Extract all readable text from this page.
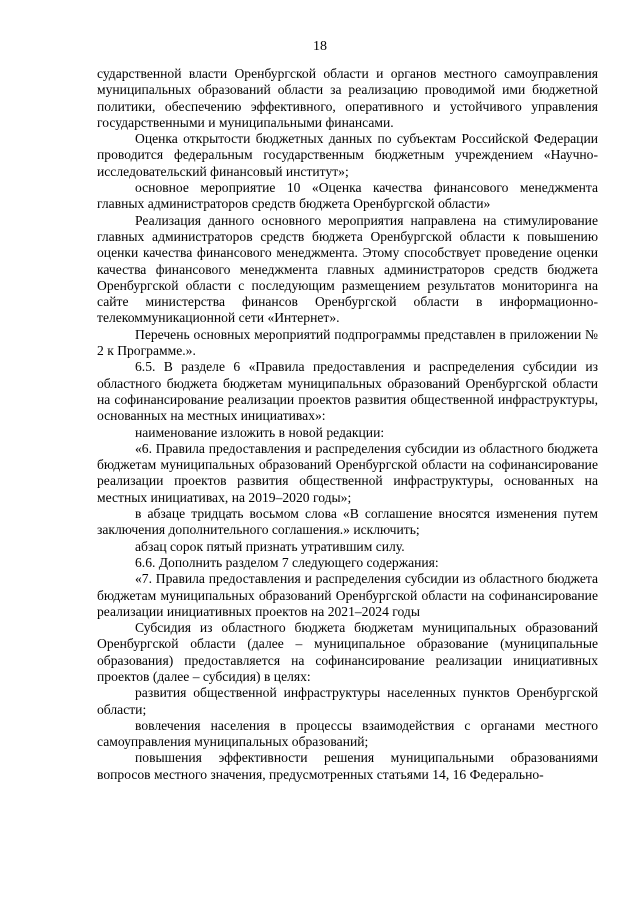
18

сударственной власти Оренбургской области и органов местного самоуправления муниципальных образований области за реализацию проводимой ими бюджетной политики, обеспечению эффективного, оперативного и устойчивого управления государственными и муниципальными финансами.

Оценка открытости бюджетных данных по субъектам Российской Федерации проводится федеральным государственным бюджетным учреждением «Научно-исследовательский финансовый институт»;

основное мероприятие 10 «Оценка качества финансового менеджмента главных администраторов средств бюджета Оренбургской области»

Реализация данного основного мероприятия направлена на стимулирование главных администраторов средств бюджета Оренбургской области к повышению оценки качества финансового менеджмента. Этому способствует проведение оценки качества финансового менеджмента главных администраторов средств бюджета Оренбургской области с последующим размещением результатов мониторинга на сайте министерства финансов Оренбургской области в информационно-телекоммуникационной сети «Интернет».

Перечень основных мероприятий подпрограммы представлен в приложении № 2 к Программе.».

6.5. В разделе 6 «Правила предоставления и распределения субсидии из областного бюджета бюджетам муниципальных образований Оренбургской области на софинансирование реализации проектов развития общественной инфраструктуры, основанных на местных инициативах»:

наименование изложить в новой редакции:

«6. Правила предоставления и распределения субсидии из областного бюджета бюджетам муниципальных образований Оренбургской области на софинансирование реализации проектов развития общественной инфраструктуры, основанных на местных инициативах, на 2019–2020 годы»;

в абзаце тридцать восьмом слова «В соглашение вносятся изменения путем заключения дополнительного соглашения.» исключить;

абзац сорок пятый признать утратившим силу.

6.6. Дополнить разделом 7 следующего содержания:

«7. Правила предоставления и распределения субсидии из областного бюджета бюджетам муниципальных образований Оренбургской области на софинансирование реализации инициативных проектов на 2021–2024 годы

Субсидия из областного бюджета бюджетам муниципальных образований Оренбургской области (далее – муниципальное образование (муниципальные образования) предоставляется на софинансирование реализации инициативных проектов (далее – субсидия) в целях:

развития общественной инфраструктуры населенных пунктов Оренбургской области;

вовлечения населения в процессы взаимодействия с органами местного самоуправления муниципальных образований;

повышения эффективности решения муниципальными образованиями вопросов местного значения, предусмотренных статьями 14, 16 Федерально-
